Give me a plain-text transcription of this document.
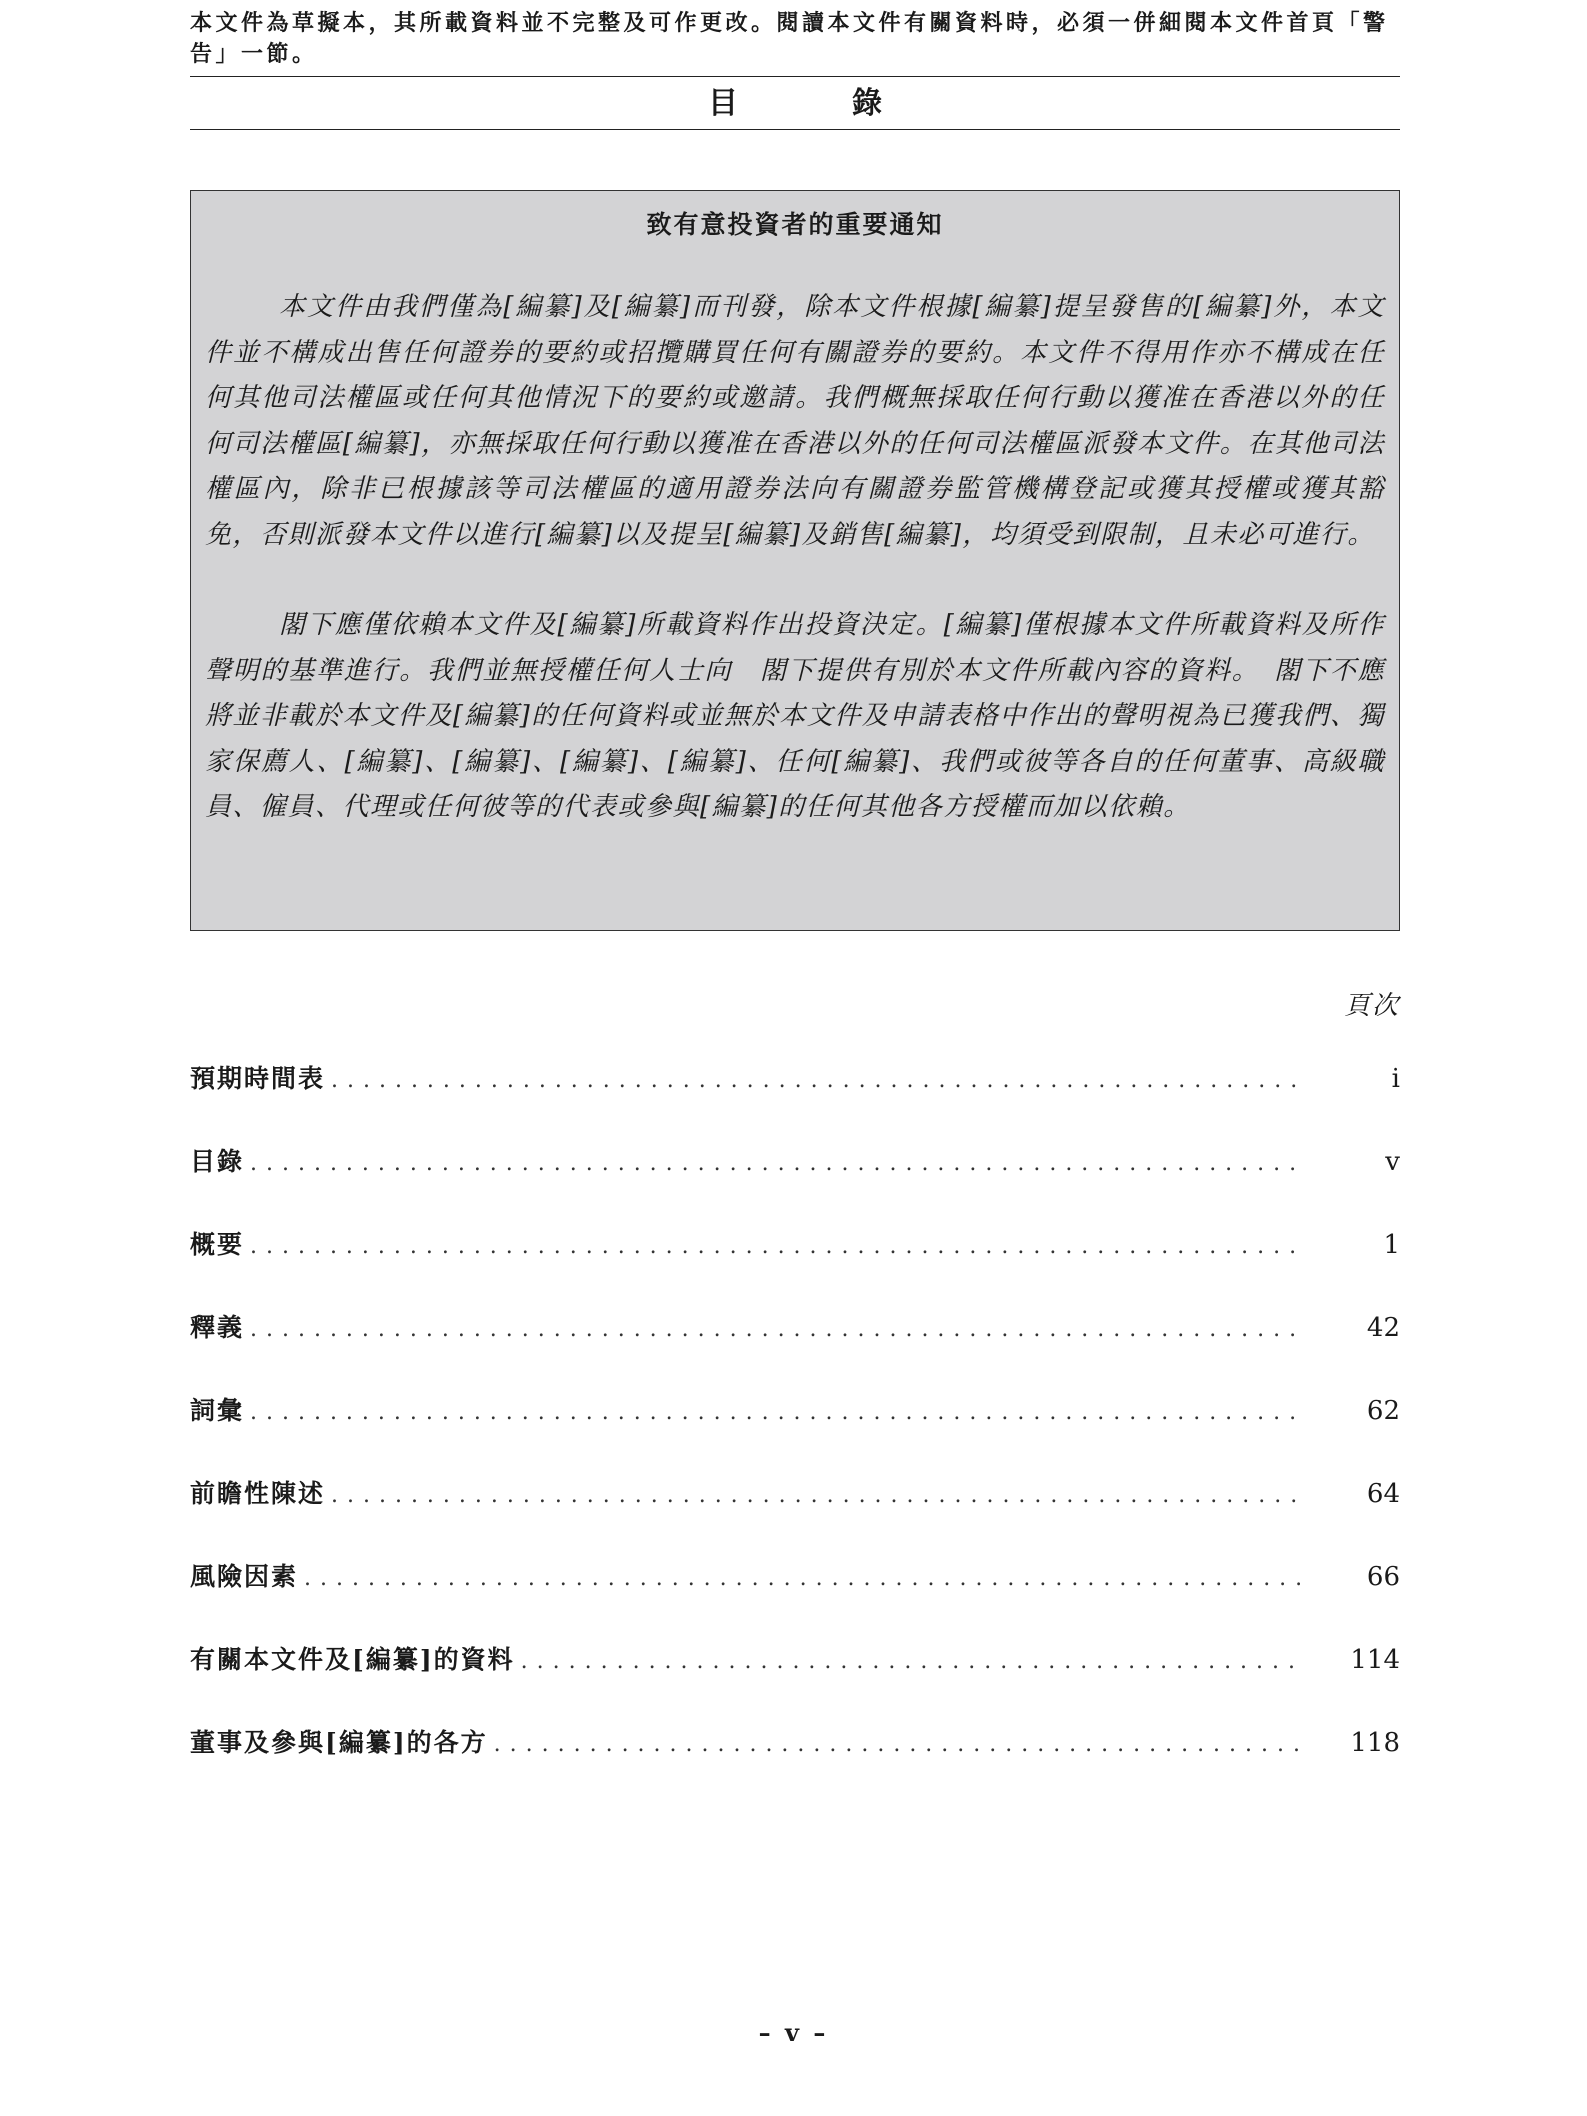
本文件為草擬本，其所載資料並不完整及可作更改。閱讀本文件有關資料時，必須一併細閱本文件首頁「警告」一節。

目　錄
致有意投資者的重要通知

本文件由我們僅為[編纂]及[編纂]而刊發，除本文件根據[編纂]提呈發售的[編纂]外，本文件並不構成出售任何證券的要約或招攬購買任何有關證券的要約。本文件不得用作亦不構成在任何其他司法權區或任何其他情況下的要約或邀請。我們概無採取任何行動以獲准在香港以外的任何司法權區[編纂]，亦無採取任何行動以獲准在香港以外的任何司法權區派發本文件。在其他司法權區內，除非已根據該等司法權區的適用證券法向有關證券監管機構登記或獲其授權或獲其豁免，否則派發本文件以進行[編纂]以及提呈[編纂]及銷售[編纂]，均須受到限制，且未必可進行。

閣下應僅依賴本文件及[編纂]所載資料作出投資決定。[編纂]僅根據本文件所載資料及所作聲明的基準進行。我們並無授權任何人士向　閣下提供有別於本文件所載內容的資料。　閣下不應將並非載於本文件及[編纂]的任何資料或並無於本文件及申請表格中作出的聲明視為已獲我們、獨家保薦人、[編纂]、[編纂]、[編纂]、[編纂]、任何[編纂]、我們或彼等各自的任何董事、高級職員、僱員、代理或任何彼等的代表或參與[編纂]的任何其他各方授權而加以依賴。

頁次
預期時間表 . . .	i
目錄 . . .	v
概要 . . .	1
釋義 . . .	42
詞彙 . . .	62
前瞻性陳述 . . .	64
風險因素 . . .	66
有關本文件及[編纂]的資料 . . .	114
董事及參與[編纂]的各方 . . .	118
– v –
